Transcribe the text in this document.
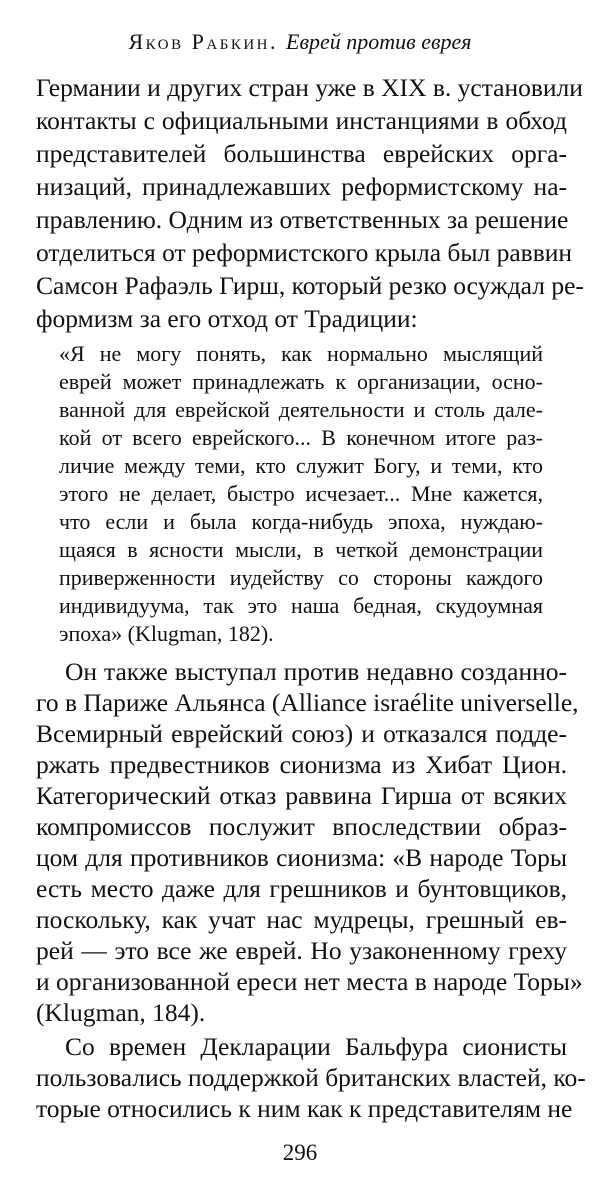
Яков Рабкин. Еврей против еврея
Германии и других стран уже в XIX в. установили
контакты с официальными инстанциями в обход
представителей большинства еврейских орга-
низаций, принадлежавших реформистскому на-
правлению. Одним из ответственных за решение
отделиться от реформистского крыла был раввин
Самсон Рафаэль Гирш, который резко осуждал ре-
формизм за его отход от Традиции:
«Я не могу понять, как нормально мыслящий
еврей может принадлежать к организации, осно-
ванной для еврейской деятельности и столь дале-
кой от всего еврейского... В конечном итоге раз-
личие между теми, кто служит Богу, и теми, кто
этого не делает, быстро исчезает... Мне кажется,
что если и была когда-нибудь эпоха, нуждаю-
щаяся в ясности мысли, в четкой демонстрации
приверженности иудейству со стороны каждого
индивидуума, так это наша бедная, скудоумная
эпоха» (Klugman, 182).
Он также выступал против недавно созданно-
го в Париже Альянса (Alliance israélite universelle,
Всемирный еврейский союз) и отказался подде-
ржать предвестников сионизма из Хибат Цион.
Категорический отказ раввина Гирша от всяких
компромиссов послужит впоследствии образ-
цом для противников сионизма: «В народе Торы
есть место даже для грешников и бунтовщиков,
поскольку, как учат нас мудрецы, грешный ев-
рей — это все же еврей. Но узаконенному греху
и организованной ереси нет места в народе Торы»
(Klugman, 184).
Со времен Декларации Бальфура сионисты
пользовались поддержкой британских властей, ко-
торые относились к ним как к представителям не
296
